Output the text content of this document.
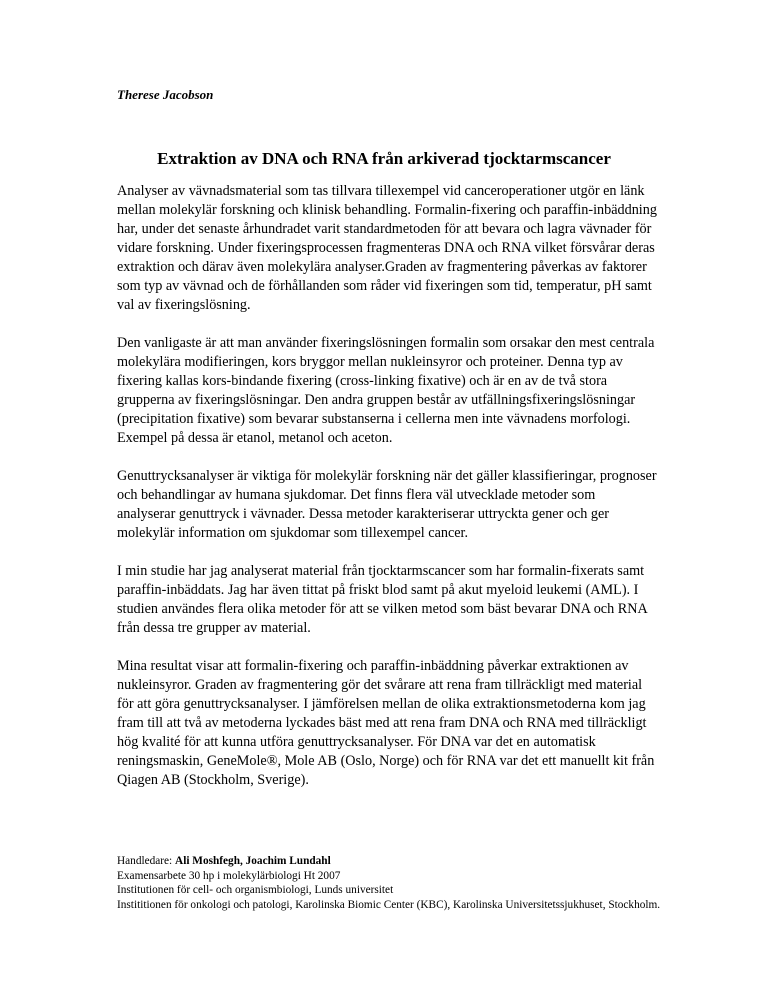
Therese Jacobson

Extraktion av DNA och RNA från arkiverad tjocktarmscancer

Analyser av vävnadsmaterial som tas tillvara tillexempel vid canceroperationer utgör en länk mellan molekylär forskning och klinisk behandling. Formalin-fixering och paraffin-inbäddning har, under det senaste århundradet varit standardmetoden för att bevara och lagra vävnader för vidare forskning. Under fixeringsprocessen fragmenteras DNA och RNA vilket försvårar deras extraktion och därav även molekylära analyser.Graden av fragmentering påverkas av faktorer som typ av vävnad och de förhållanden som råder vid fixeringen som tid, temperatur, pH samt val av fixeringslösning.

Den vanligaste är att man använder fixeringslösningen formalin som orsakar den mest centrala molekylära modifieringen, kors bryggor mellan nukleinsyror och proteiner. Denna typ av fixering kallas kors-bindande fixering (cross-linking fixative) och är en av de två stora grupperna av fixeringslösningar. Den andra gruppen består av utfällningsfixeringslösningar (precipitation fixative) som bevarar substanserna i cellerna men inte vävnadens morfologi. Exempel på dessa är etanol, metanol och aceton.

Genuttrycksanalyser är viktiga för molekylär forskning när det gäller klassifieringar, prognoser och behandlingar av humana sjukdomar. Det finns flera väl utvecklade metoder som analyserar genuttryck i vävnader. Dessa metoder karakteriserar uttryckta gener och ger molekylär information om sjukdomar som tillexempel cancer.

I min studie har jag analyserat material från tjocktarmscancer som har formalin-fixerats samt paraffin-inbäddats. Jag har även tittat på friskt blod samt på akut myeloid leukemi (AML). I studien användes flera olika metoder för att se vilken metod som bäst bevarar DNA och RNA från dessa tre grupper av material.

Mina resultat visar att formalin-fixering och paraffin-inbäddning påverkar extraktionen av nukleinsyror. Graden av fragmentering gör det svårare att rena fram tillräckligt med material för att göra genuttrycksanalyser. I jämförelsen mellan de olika extraktionsmetoderna kom jag fram till att två av metoderna lyckades bäst med att rena fram DNA och RNA med tillräckligt hög kvalité för att kunna utföra genuttrycksanalyser. För DNA var det en automatisk reningsmaskin, GeneMole®, Mole AB (Oslo, Norge) och för RNA var det ett manuellt kit från Qiagen AB (Stockholm, Sverige).

Handledare: Ali Moshfegh, Joachim Lundahl

Examensarbete 30 hp i molekylärbiologi Ht 2007

Institutionen för cell- och organismbiologi, Lunds universitet

Instititionen för onkologi och patologi, Karolinska Biomic Center (KBC), Karolinska Universitetssjukhuset, Stockholm.
